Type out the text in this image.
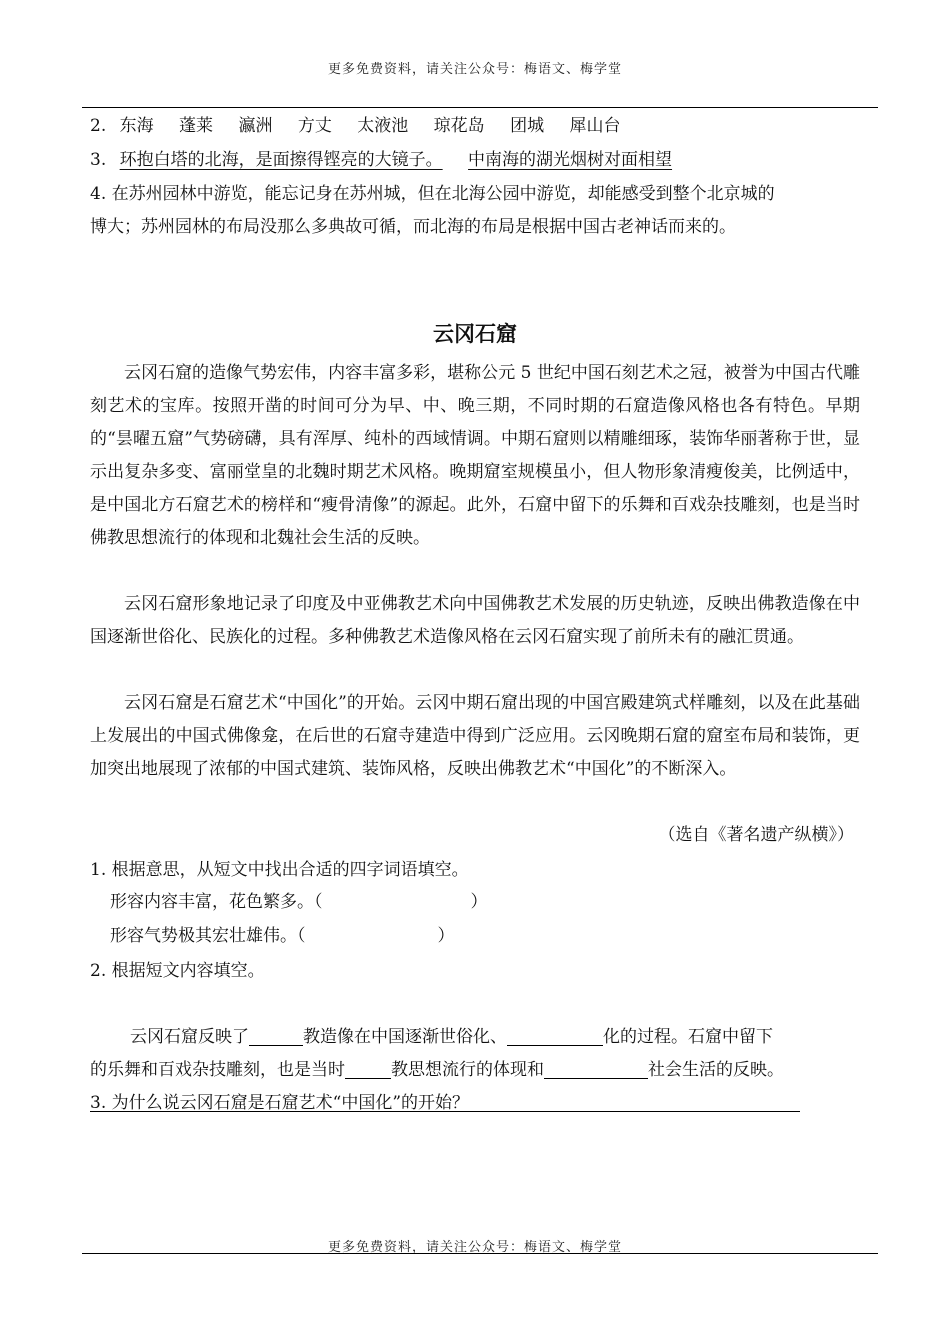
更多免费资料，请关注公众号：梅语文、梅学堂
2. 东海 蓬莱 瀛洲 方丈 太液池 琼花岛 团城 犀山台
3. 环抱白塔的北海，是面擦得铿亮的大镜子。 中南海的湖光烟树对面相望
4. 在苏州园林中游览，能忘记身在苏州城，但在北海公园中游览，却能感受到整个北京城的
博大；苏州园林的布局没那么多典故可循，而北海的布局是根据中国古老神话而来的。
云冈石窟
云冈石窟的造像气势宏伟，内容丰富多彩，堪称公元 5 世纪中国石刻艺术之冠，被誉为中国古代雕刻艺术的宝库。按照开凿的时间可分为早、中、晚三期，不同时期的石窟造像风格也各有特色。早期的“昙曜五窟”气势磅礴，具有浑厚、纯朴的西域情调。中期石窟则以精雕细琢，装饰华丽著称于世，显示出复杂多变、富丽堂皇的北魏时期艺术风格。晚期窟室规模虽小，但人物形象清瘦俊美，比例适中，是中国北方石窟艺术的榜样和“瘦骨清像”的源起。此外，石窟中留下的乐舞和百戏杂技雕刻，也是当时佛教思想流行的体现和北魏社会生活的反映。
云冈石窟形象地记录了印度及中亚佛教艺术向中国佛教艺术发展的历史轨迹，反映出佛教造像在中国逐渐世俗化、民族化的过程。多种佛教艺术造像风格在云冈石窟实现了前所未有的融汇贯通。
云冈石窟是石窟艺术“中国化”的开始。云冈中期石窟出现的中国宫殿建筑式样雕刻，以及在此基础上发展出的中国式佛像龛，在后世的石窟寺建造中得到广泛应用。云冈晚期石窟的窟室布局和装饰，更加突出地展现了浓郁的中国式建筑、装饰风格，反映出佛教艺术“中国化”的不断深入。
（选自《著名遗产纵横》）
1. 根据意思，从短文中找出合适的四字词语填空。
形容内容丰富，花色繁多。（	）
形容气势极其宏壮雄伟。（	）
2. 根据短文内容填空。
云冈石窟反映了	教造像在中国逐渐世俗化、	化的过程。石窟中留下
的乐舞和百戏杂技雕刻，也是当时	教思想流行的体现和	社会生活的反映。
3. 为什么说云冈石窟是石窟艺术“中国化”的开始？
更多免费资料，请关注公众号：梅语文、梅学堂
